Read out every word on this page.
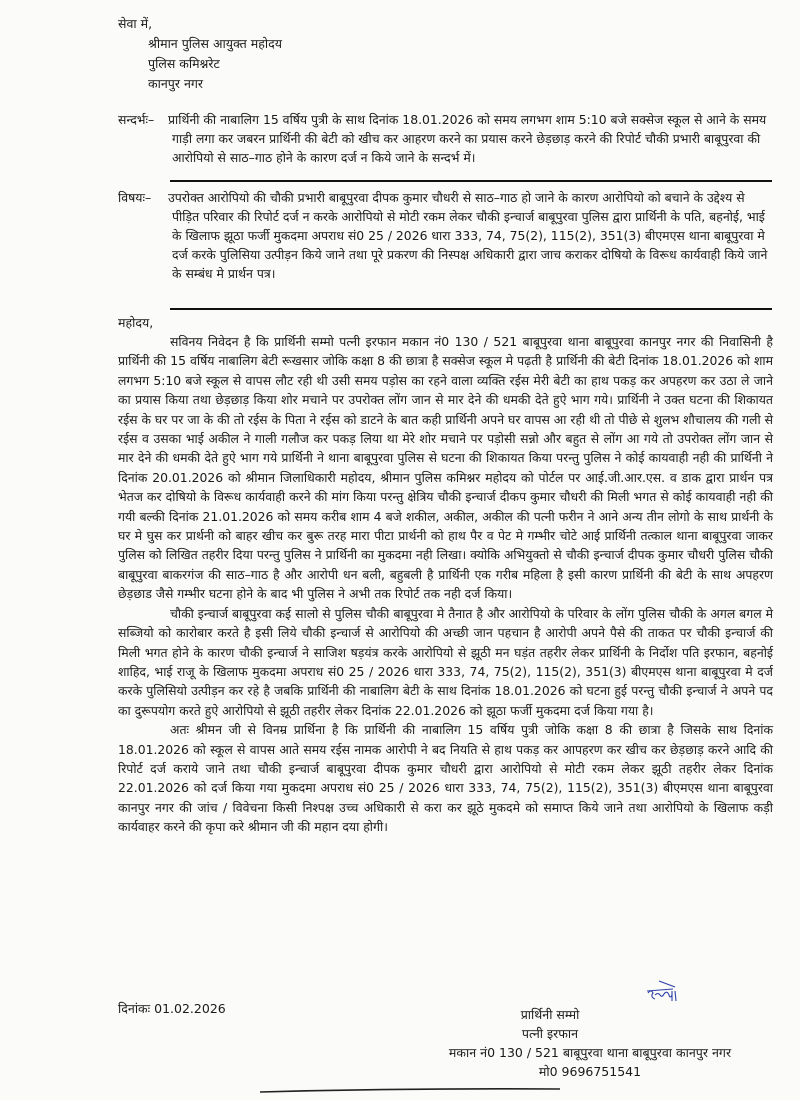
सेवा में,
श्रीमान पुलिस आयुक्त महोदय
पुलिस कमिश्नरेट
कानपुर नगर
सन्दर्भः– प्रार्थिनी की नाबालिग 15 वर्षिय पुत्री के साथ दिनांक 18.01.2026 को समय लगभग शाम 5:10 बजे सक्सेज स्कूल से आने के समय गाड़ी लगा कर जबरन प्रार्थिनी की बेटी को खीच कर आहरण करने का प्रयास करने छेड़छाड़ करने की रिपोर्ट चौकी प्रभारी बाबूपुरवा की आरोपियो से साठ–गाठ होने के कारण दर्ज न किये जाने के सन्दर्भ में।
विषयः– उपरोक्त आरोपियो की चौकी प्रभारी बाबूपुरवा दीपक कुमार चौधरी से साठ–गाठ हो जाने के कारण आरोपियो को बचाने के उद्देश्य से पीड़ित परिवार की रिपोर्ट दर्ज न करके आरोपियो से मोटी रकम लेकर चौकी इन्चार्ज बाबूपुरवा पुलिस द्वारा प्रार्थिनी के पति, बहनोई, भाई के खिलाफ झूठा फर्जी मुकदमा अपराध सं0 25 / 2026 धारा 333, 74, 75(2), 115(2), 351(3) बीएमएस थाना बाबूपुरवा मे दर्ज करके पुलिसिया उत्पीड़न किये जाने तथा पूरे प्रकरण की निस्पक्ष अधिकारी द्वारा जाच कराकर दोषियो के विरूध कार्यवाही किये जाने के सम्बंध मे प्रार्थन पत्र।
महोदय,

सविनय निवेदन है कि प्रार्थिनी सम्मो पत्नी इरफान मकान नं0 130 / 521 बाबूपुरवा थाना बाबूपुरवा कानपुर नगर की निवासिनी है प्रार्थिनी की 15 वर्षिय नाबालिग बेटी रूखसार जोकि कक्षा 8 की छात्रा है सक्सेज स्कूल मे पढ़ती है प्रार्थिनी की बेटी दिनांक 18.01.2026 को शाम लगभग 5:10 बजे स्कूल से वापस लौट रही थी उसी समय पड़ोस का रहने वाला व्यक्ति रईस मेरी बेटी का हाथ पकड़ कर अपहरण कर उठा ले जाने का प्रयास किया तथा छेड़छाड़ किया शोर मचाने पर उपरोक्त लोंग जान से मार देने की धमकी देते हुऐ भाग गये। प्रार्थिनी ने उक्त घटना की शिकायत रईस के घर पर जा के की तो रईस के पिता ने रईस को डाटने के बात कही प्रार्थिनी अपने घर वापस आ रही थी तो पीछे से शुलभ शौचालय की गली से रईस व उसका भाई अकील ने गाली गलौज कर पकड़ लिया था मेरे शोर मचाने पर पड़ोसी सन्नो और बहुत से लोंग आ गये तो उपरोक्त लोंग जान से मार देने की धमकी देते हुऐ भाग गये प्रार्थिनी ने थाना बाबूपुरवा पुलिस से घटना की शिकायत किया परन्तु पुलिस ने कोई कायवाही नही की प्रार्थिनी ने दिनांक 20.01.2026 को श्रीमान जिलाधिकारी महोदय, श्रीमान पुलिस कमिश्नर महोदय को पोर्टल पर आई.जी.आर.एस. व डाक द्वारा प्रार्थन पत्र भेतज कर दोषियो के विरूध कार्यवाही करने की मांग किया परन्तु क्षेत्रिय चौकी इन्चार्ज दीकप कुमार चौधरी की मिली भगत से कोई कायवाही नही की गयी बल्की दिनांक 21.01.2026 को समय करीब शाम 4 बजे शकील, अकील, अकील की पत्नी फरीन ने आने अन्य तीन लोगो के साथ प्रार्थनी के घर मे घुस कर प्रार्थनी को बाहर खीच कर बुरू तरह मारा पीटा प्रार्थनी को हाथ पैर व पेट मे गम्भीर चोटे आई प्रार्थिनी तत्काल थाना बाबूपुरवा जाकर पुलिस को लिखित तहरीर दिया परन्तु पुलिस ने प्रार्थिनी का मुकदमा नही लिखा। क्योकि अभियुक्तो से चौकी इन्चार्ज दीपक कुमार चौधरी पुलिस चौकी बाबूपुरवा बाकरगंज की साठ–गाठ है और आरोपी धन बली, बहुबली है प्रार्थिनी एक गरीब महिला है इसी कारण प्रार्थिनी की बेटी के साथ अपहरण छेड़छाड जैसे गम्भीर घटना होने के बाद भी पुलिस ने अभी तक रिपोर्ट तक नही दर्ज किया।

चौकी इन्चार्ज बाबूपुरवा कई सालो से पुलिस चौकी बाबूपुरवा मे तैनात है और आरोपियो के परिवार के लोंग पुलिस चौकी के अगल बगल मे सब्जियो को कारोबार करते है इसी लिये चौकी इन्चार्ज से आरोपियो की अच्छी जान पहचान है आरोपी अपने पैसे की ताकत पर चौकी इन्चार्ज की मिली भगत होने के कारण चौकी इन्चार्ज ने साजिश षड़यंत्र करके आरोपियो से झूठी मन घड़ंत तहरीर लेकर प्रार्थिनी के निर्दोश पति इरफान, बहनोई शाहिद, भाई राजू के खिलाफ मुकदमा अपराध सं0 25 / 2026 धारा 333, 74, 75(2), 115(2), 351(3) बीएमएस थाना बाबूपुरवा मे दर्ज करके पुलिसियो उत्पीड़न कर रहे है जबकि प्रार्थिनी की नाबालिग बेटी के साथ दिनांक 18.01.2026 को घटना हुई परन्तु चौकी इन्चार्ज ने अपने पद का दुरूपयोग करते हुऐ आरोपियो से झूठी तहरीर लेकर दिनांक 22.01.2026 को झूठा फर्जी मुकदमा दर्ज किया गया है।

अतः श्रीमन जी से विनम्र प्रार्थिना है कि प्रार्थिनी की नाबालिग 15 वर्षिय पुत्री जोकि कक्षा 8 की छात्रा है जिसके साथ दिनांक 18.01.2026 को स्कूल से वापस आते समय रईस नामक आरोपी ने बद नियति से हाथ पकड़ कर आपहरण कर खीच कर छेड़छाड़ करने आदि की रिपोर्ट दर्ज कराये जाने तथा चौकी इन्चार्ज बाबूपुरवा दीपक कुमार चौधरी द्वारा आरोपियो से मोटी रकम लेकर झूठी तहरीर लेकर दिनांक 22.01.2026 को दर्ज किया गया मुकदमा अपराध सं0 25 / 2026 धारा 333, 74, 75(2), 115(2), 351(3) बीएमएस थाना बाबूपुरवा कानपुर नगर की जांच / विवेचना किसी निश्पक्ष उच्च अधिकारी से करा कर झूठे मुकदमे को समाप्त किये जाने तथा आरोपियो के खिलाफ कड़ी कार्यवाहर करने की कृपा करे श्रीमान जी की महान दया होगी।

दिनांकः 01.02.2026	प्रार्थिनी सम्मो
पत्नी इरफान
मकान नं0 130 / 521 बाबूपुरवा थाना बाबूपुरवा कानपुर नगर
मो0 9696751541
